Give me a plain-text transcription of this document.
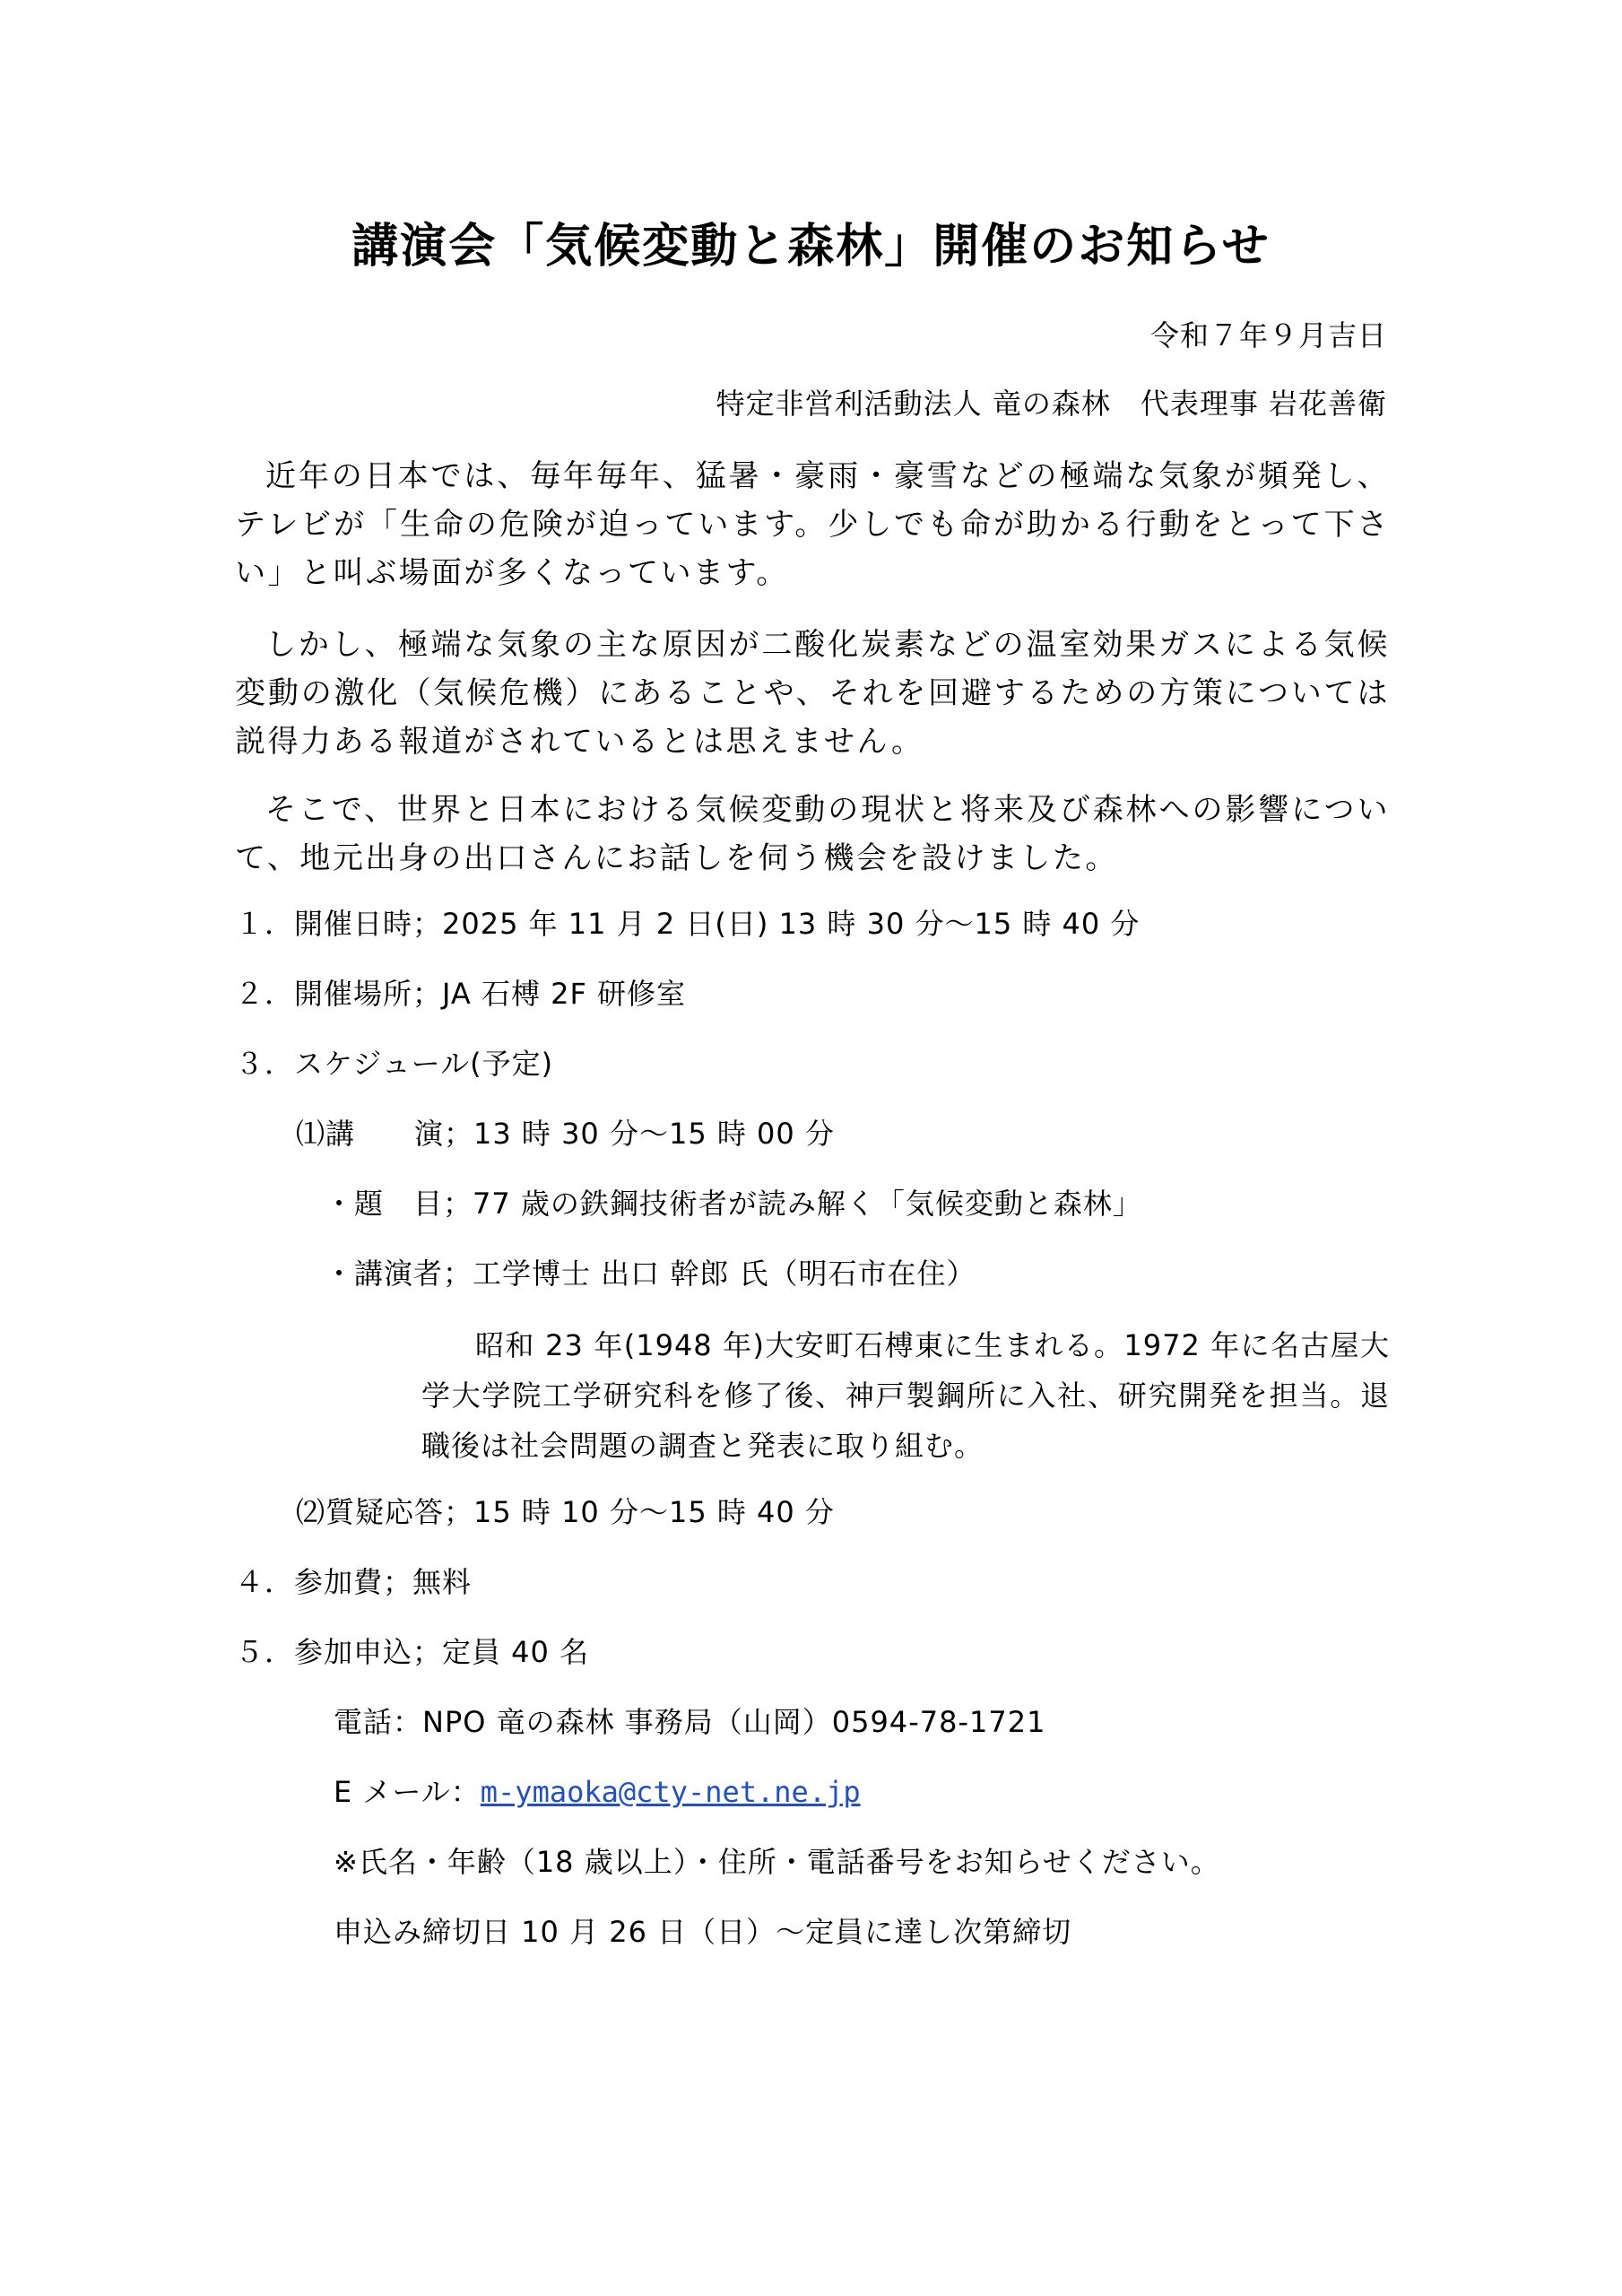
講演会「気候変動と森林」開催のお知らせ
令和７年９月吉日
特定非営利活動法人 竜の森林　代表理事 岩花善衛
近年の日本では、毎年毎年、猛暑・豪雨・豪雪などの極端な気象が頻発し、テレビが「生命の危険が迫っています。少しでも命が助かる行動をとって下さい」と叫ぶ場面が多くなっています。
しかし、極端な気象の主な原因が二酸化炭素などの温室効果ガスによる気候変動の激化（気候危機）にあることや、それを回避するための方策については説得力ある報道がされているとは思えません。
そこで、世界と日本における気候変動の現状と将来及び森林への影響について、地元出身の出口さんにお話しを伺う機会を設けました。
１．開催日時；2025 年 11 月 2 日(日) 13 時 30 分～15 時 40 分
２．開催場所；JA 石榑 2F 研修室
３．スケジュール(予定)
⑴講　　演；13 時 30 分～15 時 00 分
・題　目；77 歳の鉄鋼技術者が読み解く「気候変動と森林」
・講演者；工学博士 出口 幹郎 氏（明石市在住）
昭和 23 年(1948 年)大安町石榑東に生まれる。1972 年に名古屋大学大学院工学研究科を修了後、神戸製鋼所に入社、研究開発を担当。退職後は社会問題の調査と発表に取り組む。
⑵質疑応答；15 時 10 分～15 時 40 分
４．参加費；無料
５．参加申込；定員 40 名
電話：NPO 竜の森林 事務局（山岡）0594-78-1721
E メール：m-ymaoka@cty-net.ne.jp
※氏名・年齢（18 歳以上）・住所・電話番号をお知らせください。
申込み締切日 10 月 26 日（日）～定員に達し次第締切
